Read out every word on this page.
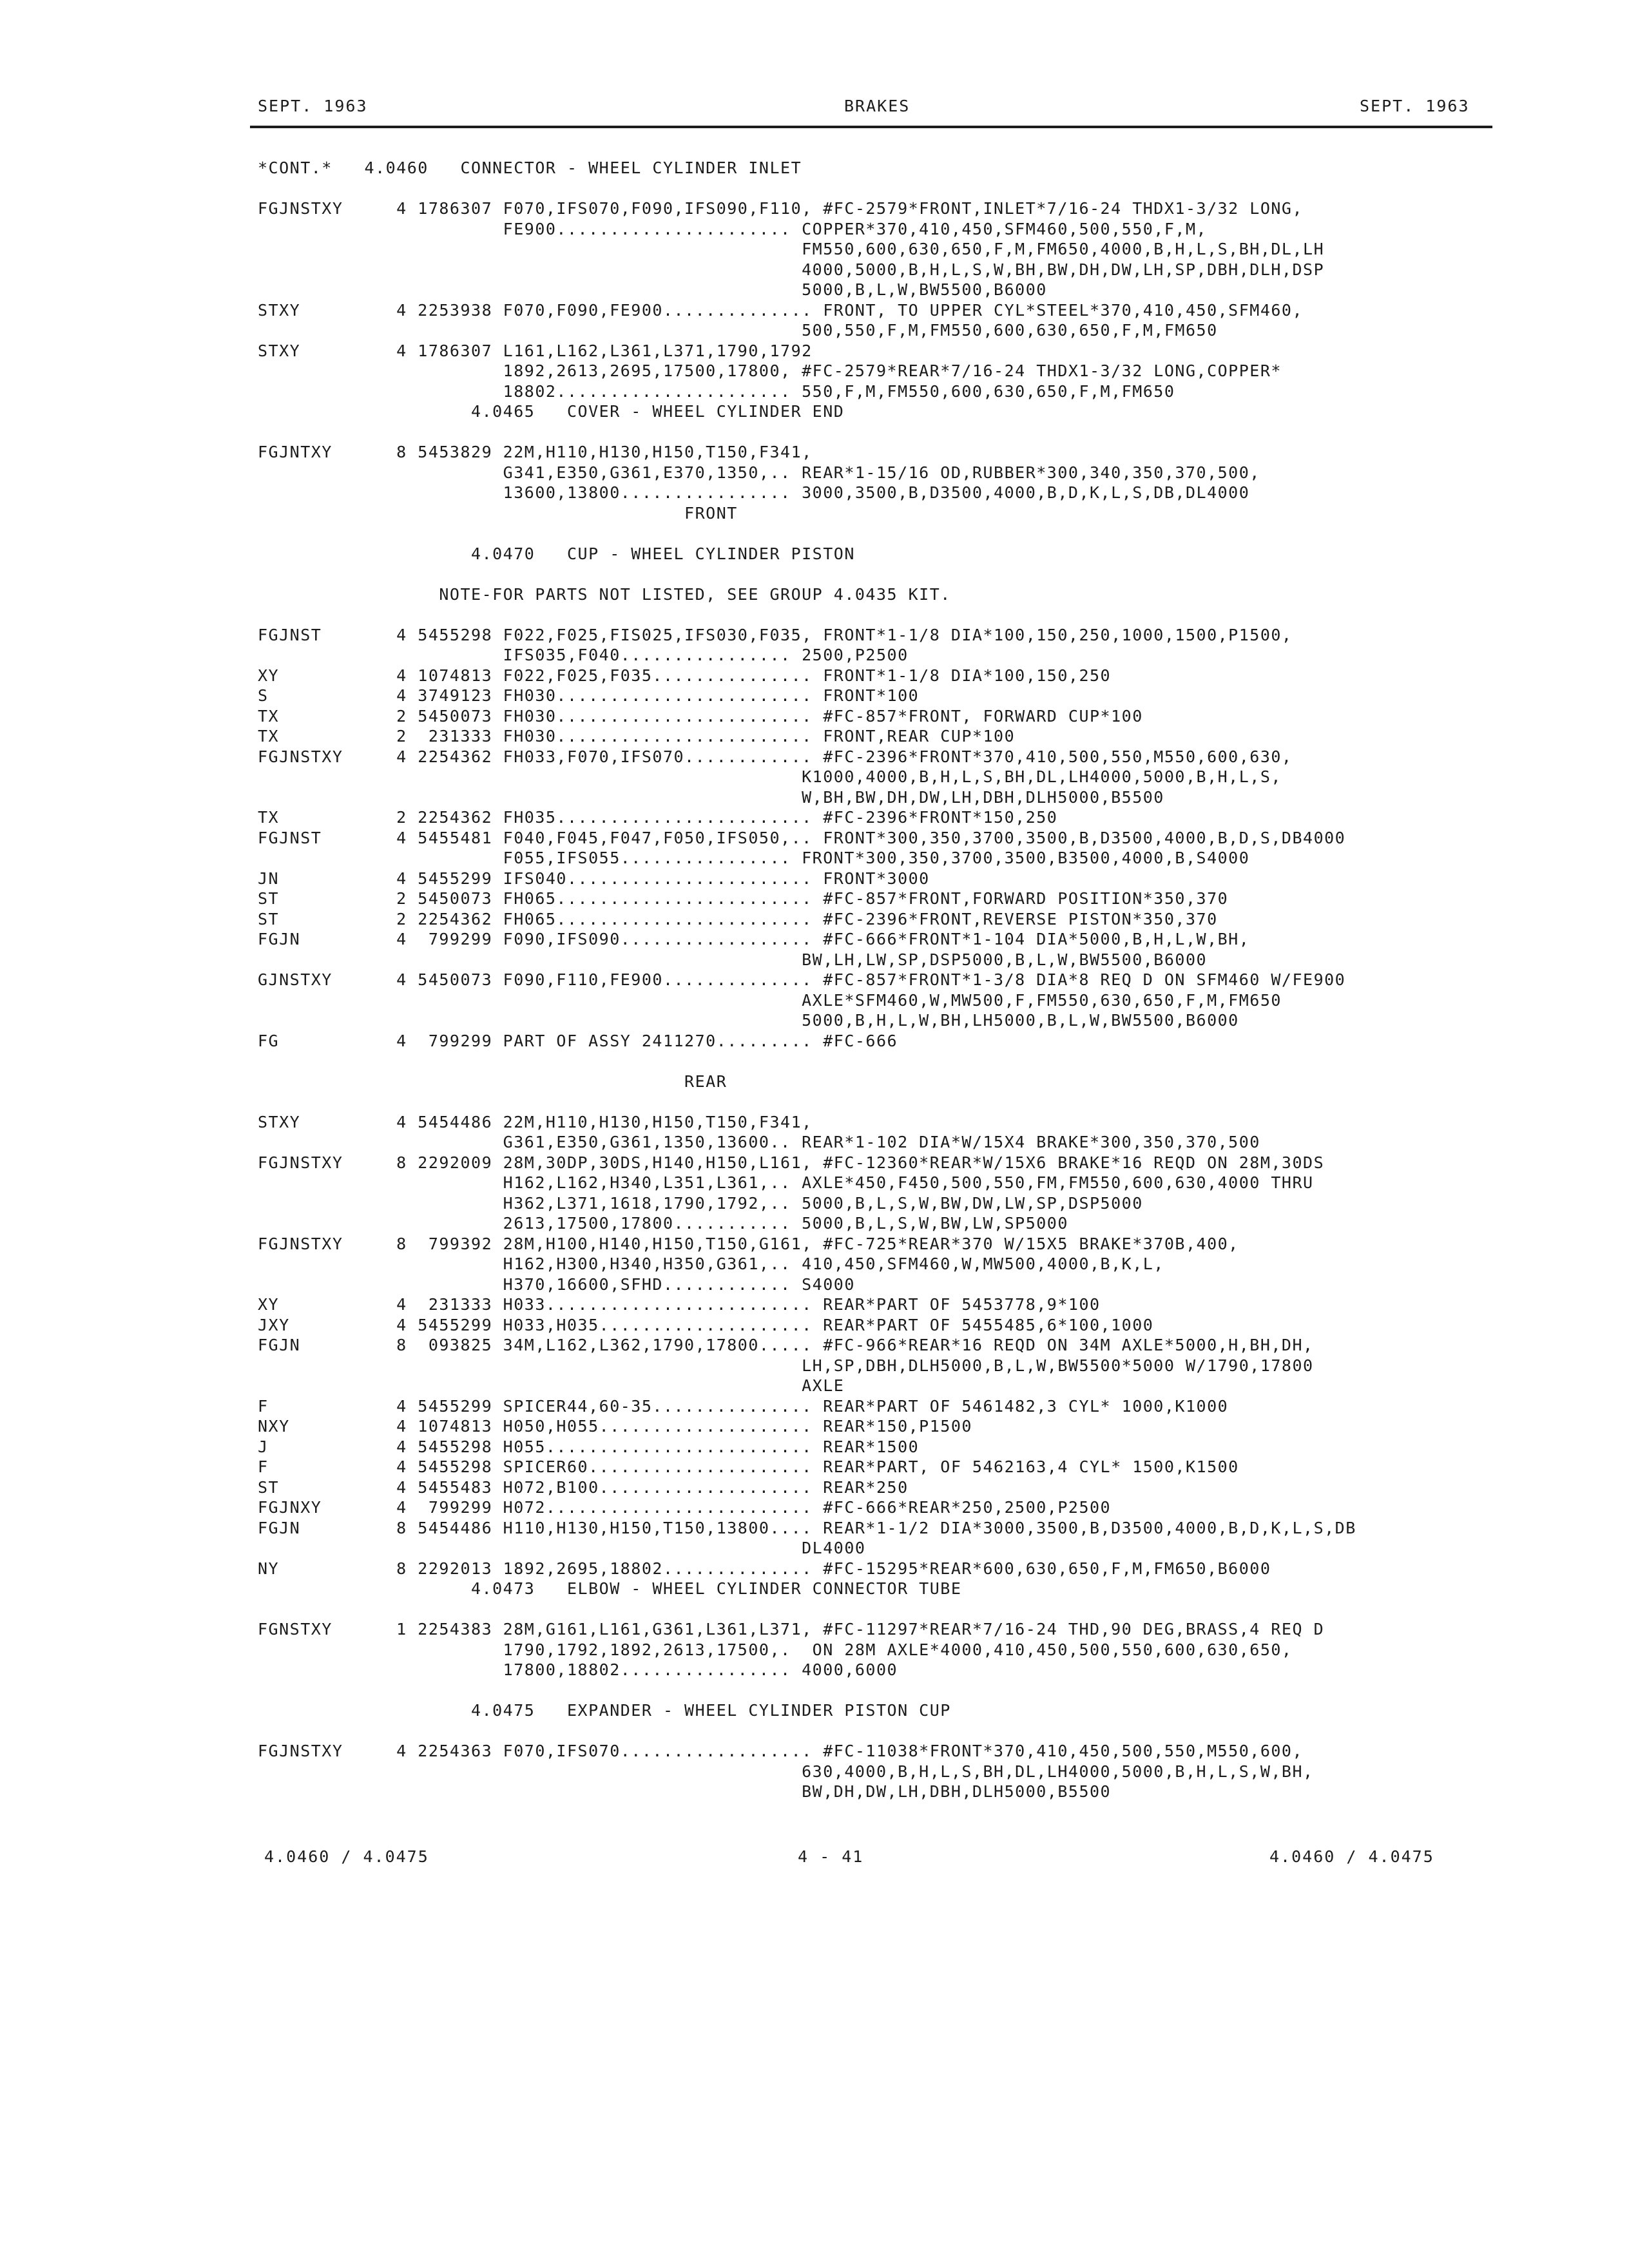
SEPT. 1963	BRAKES	SEPT. 1963
*CONT.*   4.0460   CONNECTOR - WHEEL CYLINDER INLET
FGJNSTXY     4 1786307 F070,IFS070,F090,IFS090,F110, #FC-2579*FRONT,INLET*7/16-24 THDX1-3/32 LONG,
FE900...................... COPPER*370,410,450,SFM460,500,550,F,M,
FM550,600,630,650,F,M,FM650,4000,B,H,L,S,BH,DL,LH
4000,5000,B,H,L,S,W,BH,BW,DH,DW,LH,SP,DBH,DLH,DSP
5000,B,L,W,BW5500,B6000
STXY         4 2253938 F070,F090,FE900.............. FRONT, TO UPPER CYL*STEEL*370,410,450,SFM460,
500,550,F,M,FM550,600,630,650,F,M,FM650
STXY         4 1786307 L161,L162,L361,L371,1790,1792
1892,2613,2695,17500,17800, #FC-2579*REAR*7/16-24 THDX1-3/32 LONG,COPPER*
18802...................... 550,F,M,FM550,600,630,650,F,M,FM650
4.0465   COVER - WHEEL CYLINDER END
FGJNTXY      8 5453829 22M,H110,H130,H150,T150,F341,
G341,E350,G361,E370,1350,.. REAR*1-15/16 OD,RUBBER*300,340,350,370,500,
13600,13800................ 3000,3500,B,D3500,4000,B,D,K,L,S,DB,DL4000
FRONT
4.0470   CUP - WHEEL CYLINDER PISTON
NOTE-FOR PARTS NOT LISTED, SEE GROUP 4.0435 KIT.
FGJNST       4 5455298 F022,F025,FIS025,IFS030,F035, FRONT*1-1/8 DIA*100,150,250,1000,1500,P1500,
IFS035,F040................ 2500,P2500
XY           4 1074813 F022,F025,F035............... FRONT*1-1/8 DIA*100,150,250
S            4 3749123 FH030........................ FRONT*100
TX           2 5450073 FH030........................ #FC-857*FRONT, FORWARD CUP*100
TX           2  231333 FH030........................ FRONT,REAR CUP*100
FGJNSTXY     4 2254362 FH033,F070,IFS070............ #FC-2396*FRONT*370,410,500,550,M550,600,630,
K1000,4000,B,H,L,S,BH,DL,LH4000,5000,B,H,L,S,
W,BH,BW,DH,DW,LH,DBH,DLH5000,B5500
TX           2 2254362 FH035........................ #FC-2396*FRONT*150,250
FGJNST       4 5455481 F040,F045,F047,F050,IFS050,.. FRONT*300,350,3700,3500,B,D3500,4000,B,D,S,DB4000
F055,IFS055................ FRONT*300,350,3700,3500,B3500,4000,B,S4000
JN           4 5455299 IFS040....................... FRONT*3000
ST           2 5450073 FH065........................ #FC-857*FRONT,FORWARD POSITION*350,370
ST           2 2254362 FH065........................ #FC-2396*FRONT,REVERSE PISTON*350,370
FGJN         4  799299 F090,IFS090.................. #FC-666*FRONT*1-104 DIA*5000,B,H,L,W,BH,
BW,LH,LW,SP,DSP5000,B,L,W,BW5500,B6000
GJNSTXY      4 5450073 F090,F110,FE900.............. #FC-857*FRONT*1-3/8 DIA*8 REQ D ON SFM460 W/FE900
AXLE*SFM460,W,MW500,F,FM550,630,650,F,M,FM650
5000,B,H,L,W,BH,LH5000,B,L,W,BW5500,B6000
FG           4  799299 PART OF ASSY 2411270......... #FC-666
REAR
STXY         4 5454486 22M,H110,H130,H150,T150,F341,
G361,E350,G361,1350,13600.. REAR*1-102 DIA*W/15X4 BRAKE*300,350,370,500
FGJNSTXY     8 2292009 28M,30DP,30DS,H140,H150,L161, #FC-12360*REAR*W/15X6 BRAKE*16 REQD ON 28M,30DS
H162,L162,H340,L351,L361,.. AXLE*450,F450,500,550,FM,FM550,600,630,4000 THRU
H362,L371,1618,1790,1792,.. 5000,B,L,S,W,BW,DW,LW,SP,DSP5000
2613,17500,17800........... 5000,B,L,S,W,BW,LW,SP5000
FGJNSTXY     8  799392 28M,H100,H140,H150,T150,G161, #FC-725*REAR*370 W/15X5 BRAKE*370B,400,
H162,H300,H340,H350,G361,.. 410,450,SFM460,W,MW500,4000,B,K,L,
H370,16600,SFHD............ S4000
XY           4  231333 H033......................... REAR*PART OF 5453778,9*100
JXY          4 5455299 H033,H035.................... REAR*PART OF 5455485,6*100,1000
FGJN         8  093825 34M,L162,L362,1790,17800..... #FC-966*REAR*16 REQD ON 34M AXLE*5000,H,BH,DH,
LH,SP,DBH,DLH5000,B,L,W,BW5500*5000 W/1790,17800
AXLE
F            4 5455299 SPICER44,60-35............... REAR*PART OF 5461482,3 CYL* 1000,K1000
NXY          4 1074813 H050,H055.................... REAR*150,P1500
J            4 5455298 H055......................... REAR*1500
F            4 5455298 SPICER60..................... REAR*PART, OF 5462163,4 CYL* 1500,K1500
ST           4 5455483 H072,B100.................... REAR*250
FGJNXY       4  799299 H072......................... #FC-666*REAR*250,2500,P2500
FGJN         8 5454486 H110,H130,H150,T150,13800.... REAR*1-1/2 DIA*3000,3500,B,D3500,4000,B,D,K,L,S,DB
DL4000
NY           8 2292013 1892,2695,18802.............. #FC-15295*REAR*600,630,650,F,M,FM650,B6000
4.0473   ELBOW - WHEEL CYLINDER CONNECTOR TUBE
FGNSTXY      1 2254383 28M,G161,L161,G361,L361,L371, #FC-11297*REAR*7/16-24 THD,90 DEG,BRASS,4 REQ D
1790,1792,1892,2613,17500,.  ON 28M AXLE*4000,410,450,500,550,600,630,650,
17800,18802................ 4000,6000
4.0475   EXPANDER - WHEEL CYLINDER PISTON CUP
FGJNSTXY     4 2254363 F070,IFS070.................. #FC-11038*FRONT*370,410,450,500,550,M550,600,
630,4000,B,H,L,S,BH,DL,LH4000,5000,B,H,L,S,W,BH,
BW,DH,DW,LH,DBH,DLH5000,B5500
4.0460 / 4.0475	4 - 41	4.0460 / 4.0475
